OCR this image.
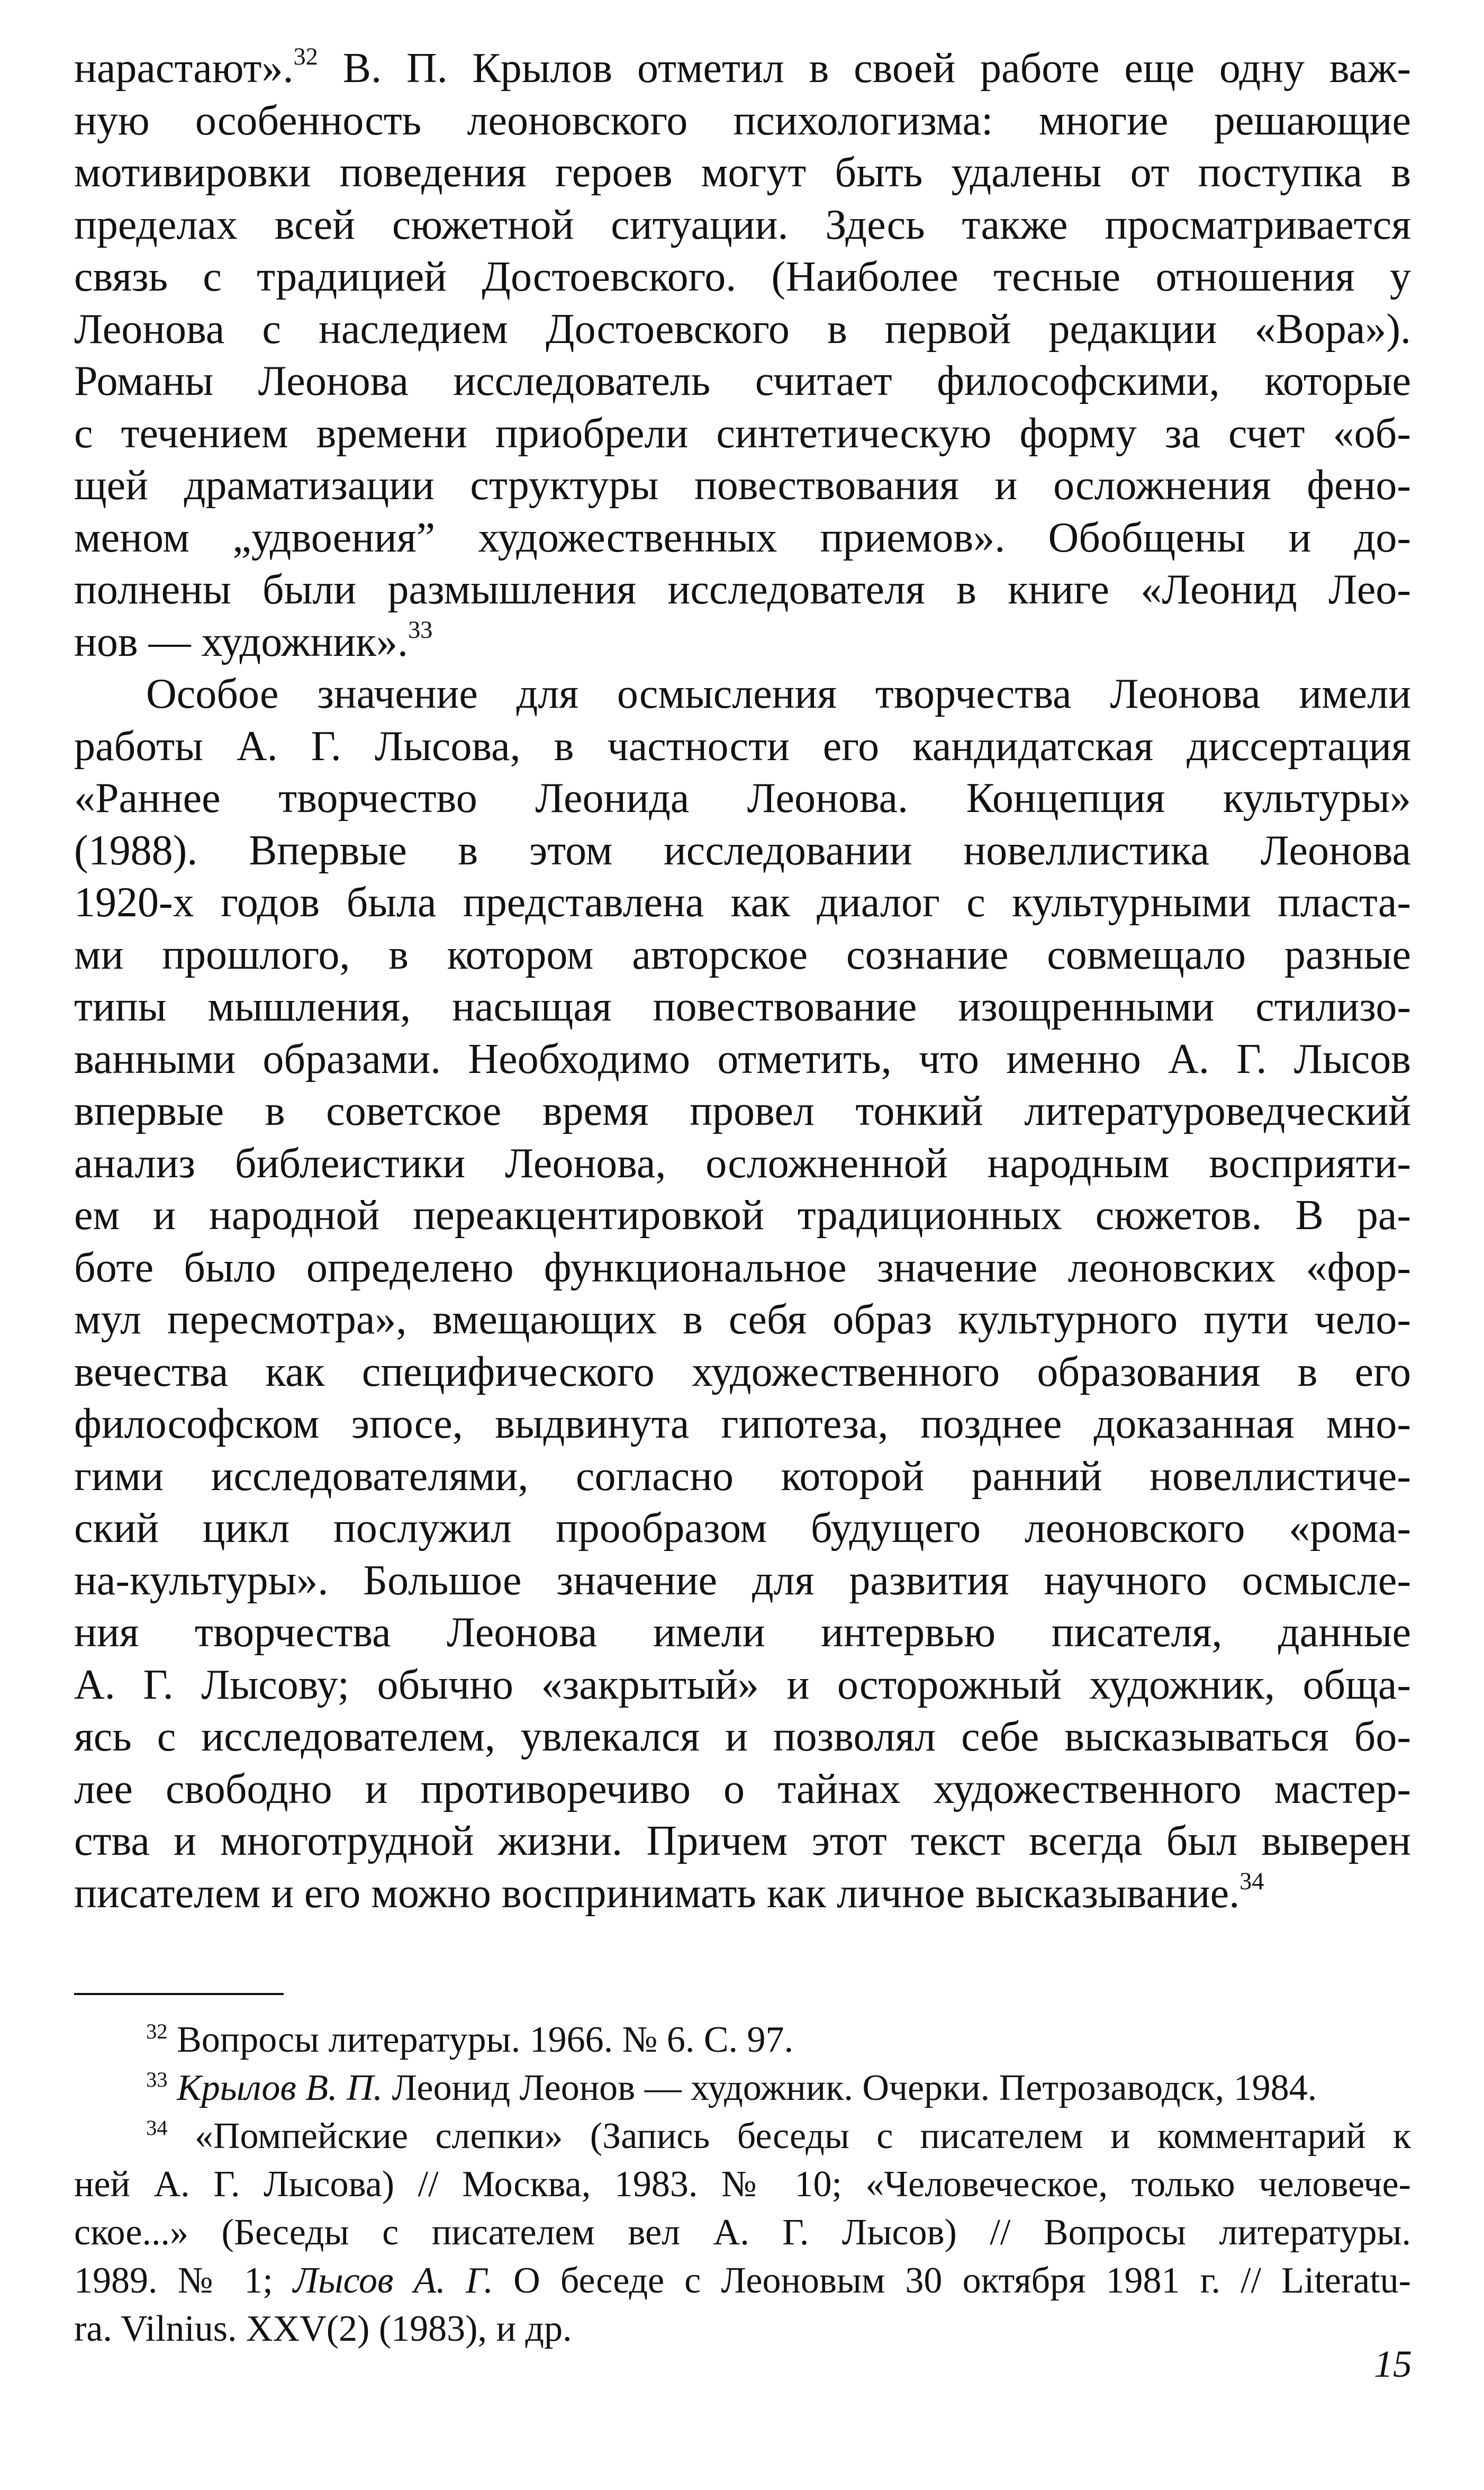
нарастают».$^{32}$ В. П. Крылов отметил в своей работе еще одну важ-
ную особенность леоновского психологизма: многие решающие
мотивировки поведения героев могут быть удалены от поступка в
пределах всей сюжетной ситуации. Здесь также просматривается
связь с традицией Достоевского. (Наиболее тесные отношения у
Леонова с наследием Достоевского в первой редакции «Вора»).
Романы Леонова исследователь считает философскими, которые
с течением времени приобрели синтетическую форму за счет «об-
щей драматизации структуры повествования и осложнения фено-
меном „удвоения” художественных приемов». Обобщены и до-
полнены были размышления исследователя в книге «Леонид Лео-
нов — художник».$^{33}$
Особое значение для осмысления творчества Леонова имели
работы А. Г. Лысова, в частности его кандидатская диссертация
«Раннее творчество Леонида Леонова. Концепция культуры»
(1988). Впервые в этом исследовании новеллистика Леонова
1920-х годов была представлена как диалог с культурными пласта-
ми прошлого, в котором авторское сознание совмещало разные
типы мышления, насыщая повествование изощренными стилизо-
ванными образами. Необходимо отметить, что именно А. Г. Лысов
впервые в советское время провел тонкий литературоведческий
анализ библеистики Леонова, осложненной народным восприяти-
ем и народной переакцентировкой традиционных сюжетов. В ра-
боте было определено функциональное значение леоновских «фор-
мул пересмотра», вмещающих в себя образ культурного пути чело-
вечества как специфического художественного образования в его
философском эпосе, выдвинута гипотеза, позднее доказанная мно-
гими исследователями, согласно которой ранний новеллистиче-
ский цикл послужил прообразом будущего леоновского «рома-
на-культуры». Большое значение для развития научного осмысле-
ния творчества Леонова имели интервью писателя, данные
А. Г. Лысову; обычно «закрытый» и осторожный художник, обща-
ясь с исследователем, увлекался и позволял себе высказываться бо-
лее свободно и противоречиво о тайнах художественного мастер-
ства и многотрудной жизни. Причем этот текст всегда был выверен
писателем и его можно воспринимать как личное высказывание.$^{34}$
$^{32}$ Вопросы литературы. 1966. № 6. С. 97.
$^{33}$ Крылов В. П. Леонид Леонов — художник. Очерки. Петрозаводск, 1984.
$^{34}$ «Помпейские слепки» (Запись беседы с писателем и комментарий к
ней А. Г. Лысова) // Москва, 1983. № 10; «Человеческое, только человече-
ское...» (Беседы с писателем вел А. Г. Лысов) // Вопросы литературы.
1989. № 1; Лысов А. Г. О беседе с Леоновым 30 октября 1981 г. // Literatu-
ra. Vilnius. XXV(2) (1983), и др.
15
